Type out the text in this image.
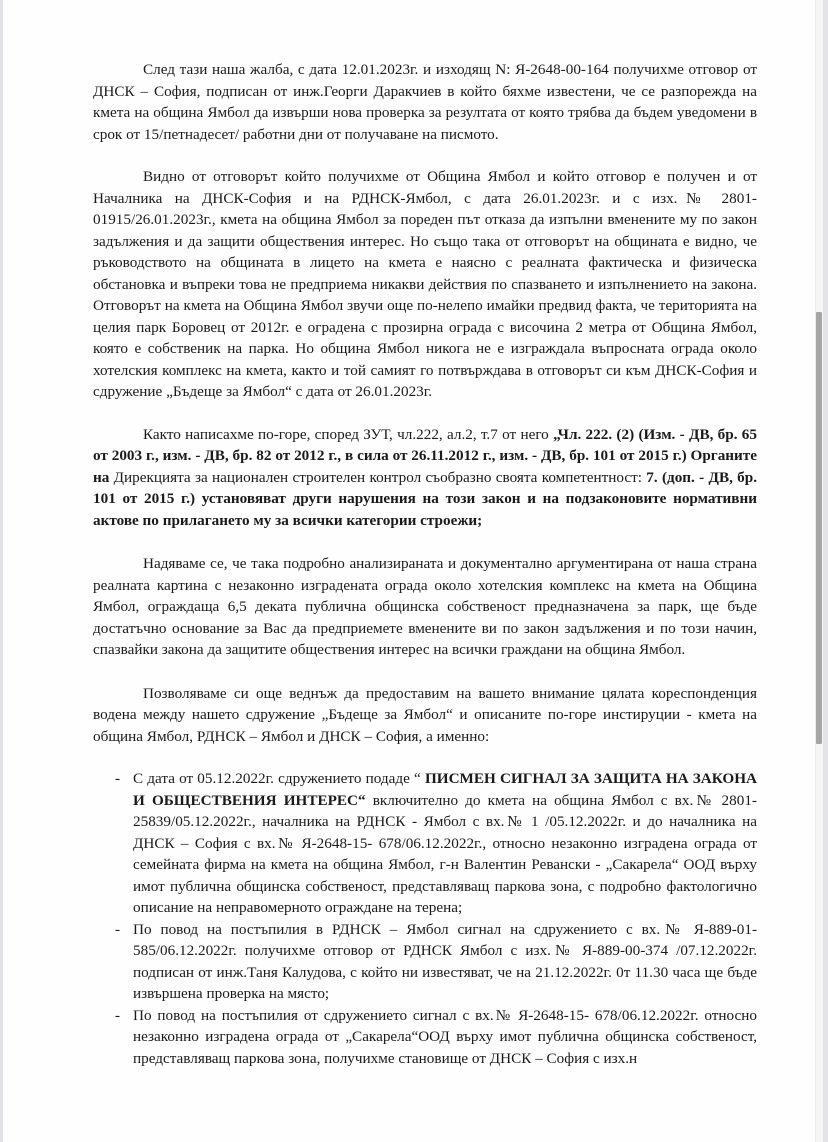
След тази наша жалба, с дата 12.01.2023г. и изходящ N: Я-2648-00-164 получихме отговор от ДНСК – София, подписан от инж.Георги Даракчиев в който бяхме известени, че се разпорежда на кмета на община Ямбол да извърши нова проверка за резултата от която трябва да бъдем уведомени в срок от 15/петнадесет/ работни дни от получаване на писмото.

Видно от отговорът който получихме от Община Ямбол и който отговор е получен и от Началника на ДНСК-София и на РДНСК-Ямбол, с дата 26.01.2023г. и с изх.№ 2801-01915/26.01.2023г., кмета на община Ямбол за пореден път отказа да изпълни вменените му по закон задължения и да защити обществения интерес. Но също така от отговорът на общината е видно, че ръководството на общината в лицето на кмета е наясно с реалната фактическа и физическа обстановка и въпреки това не предприема никакви действия по спазването и изпълнението на закона. Отговорът на кмета на Община Ямбол звучи още по-нелепо имайки предвид факта, че територията на целия парк Боровец от 2012г. е оградена с прозирна ограда с височина 2 метра от Община Ямбол, която е собственик на парка. Но община Ямбол никога не е изграждала въпросната ограда около хотелския комплекс на кмета, както и той самият го потвърждава в отговорът си към ДНСК-София и сдружение „Бъдеще за Ямбол“ с дата от 26.01.2023г.

Както написахме по-горе, според ЗУТ, чл.222, ал.2, т.7 от него „Чл. 222. (2) (Изм. - ДВ, бр. 65 от 2003 г., изм. - ДВ, бр. 82 от 2012 г., в сила от 26.11.2012 г., изм. - ДВ, бр. 101 от 2015 г.) Органите на Дирекцията за национален строителен контрол съобразно своята компетентност: 7. (доп. - ДВ, бр. 101 от 2015 г.) установяват други нарушения на този закон и на подзаконовите нормативни актове по прилагането му за всички категории строежи;

Надяваме се, че така подробно анализираната и документално аргументирана от наша страна реалната картина с незаконно изградената ограда около хотелския комплекс на кмета на Община Ямбол, ограждаща 6,5 деката публична общинска собственост предназначена за парк, ще бъде достатъчно основание за Вас да предприемете вменените ви по закон задължения и по този начин, спазвайки закона да защитите обществения интерес на всички граждани на община Ямбол.

Позволяваме си още веднъж да предоставим на вашето внимание цялата кореспонденция водена между нашето сдружение „Бъдеще за Ямбол“ и описаните по-горе инстируции - кмета на община Ямбол, РДНСК – Ямбол и ДНСК – София, а именно:

- С дата от 05.12.2022г. сдружението подаде “ ПИСМЕН СИГНАЛ ЗА ЗАЩИТА НА ЗАКОНА И ОБЩЕСТВЕНИЯ ИНТЕРЕС“ включително до кмета на община Ямбол с вх.№ 2801-25839/05.12.2022г., началника на РДНСК - Ямбол с вх.№ 1 /05.12.2022г. и до началника на ДНСК – София с вх.№ Я-2648-15- 678/06.12.2022г., относно незаконно изградена ограда от семейната фирма на кмета на община Ямбол, г-н Валентин Ревански - „Сакарела“ ООД върху имот публична общинска собственост, представляващ паркова зона, с подробно фактологично описание на неправомерното ограждане на терена;
- По повод на постъпилия в РДНСК – Ямбол сигнал на сдружението с вх.№ Я-889-01-585/06.12.2022г. получихме отговор от РДНСК Ямбол с изх.№ Я-889-00-374 /07.12.2022г. подписан от инж.Таня Калудова, с който ни известяват, че на 21.12.2022г. 0т 11.30 часа ще бъде извършена проверка на място;
- По повод на постъпилия от сдружението сигнал с вх.№ Я-2648-15- 678/06.12.2022г. относно незаконно изградена ограда от „Сакарела“ООД върху имот публична общинска собственост, представляващ паркова зона, получихме становище от ДНСК – София с изх.н
